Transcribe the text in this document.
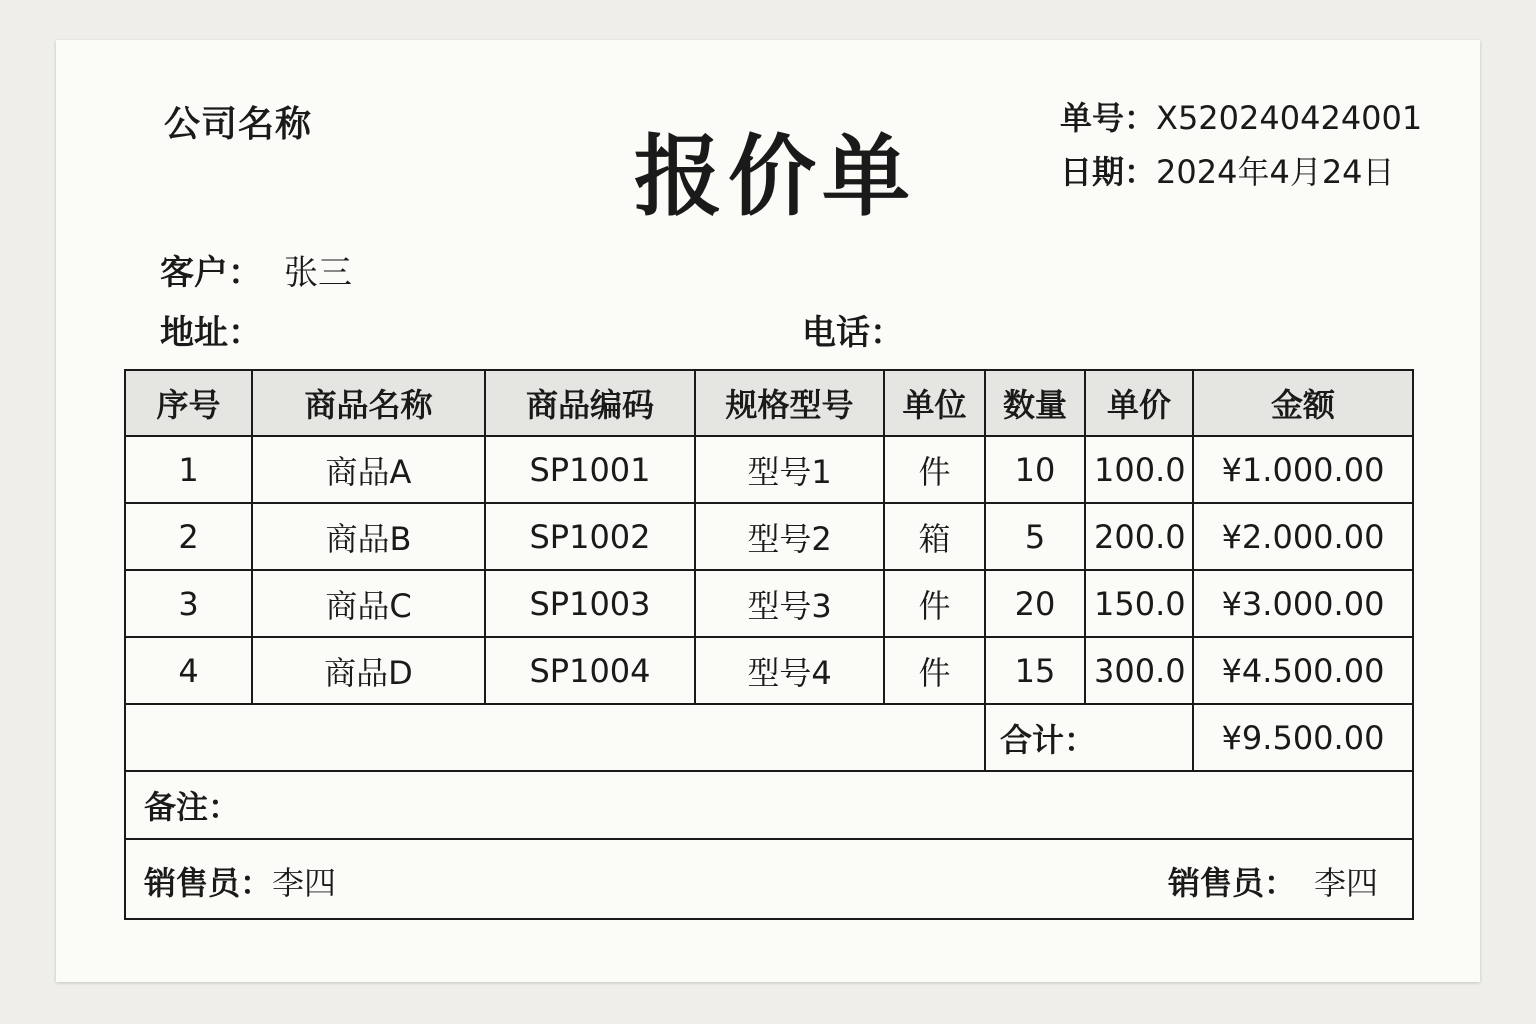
公司名称
报价单
单号：X520240424001
日期：2024年4月24日
客户： 张三
地址：	电话：
序号	商品名称	商品编码	规格型号	单位	数量	单价	金额
1	商品A	SP1001	型号1	件	10	100.0	¥1.000.00
2	商品B	SP1002	型号2	箱	5	200.0	¥2.000.00
3	商品C	SP1003	型号3	件	20	150.0	¥3.000.00
4	商品D	SP1004	型号4	件	15	300.0	¥4.500.00
					合计：		¥9.500.00
备注：							

销售员：李四 销售员： 李四							
